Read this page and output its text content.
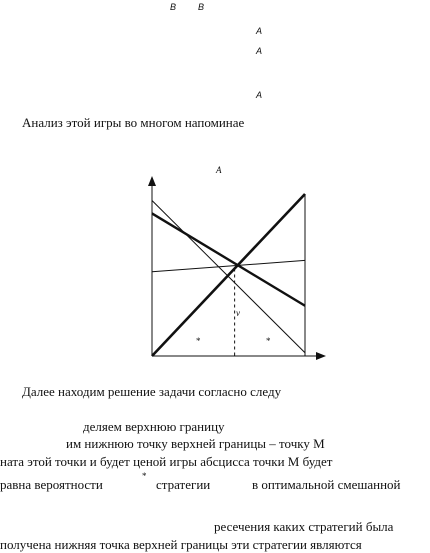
B B
A
A
A
Анализ этой игры во многом напоминае
A
ν
*	*
Далее находим решение задачи согласно следу
деляем верхнюю границу
им нижнюю точку верхней границы – точку M
ната этой точки и будет ценой игры абсцисса точки M будет
равна вероятности
*
стратегии	в оптимальной смешанной
ресечения каких стратегий была
получена нижняя точка верхней границы эти стратегии являются
